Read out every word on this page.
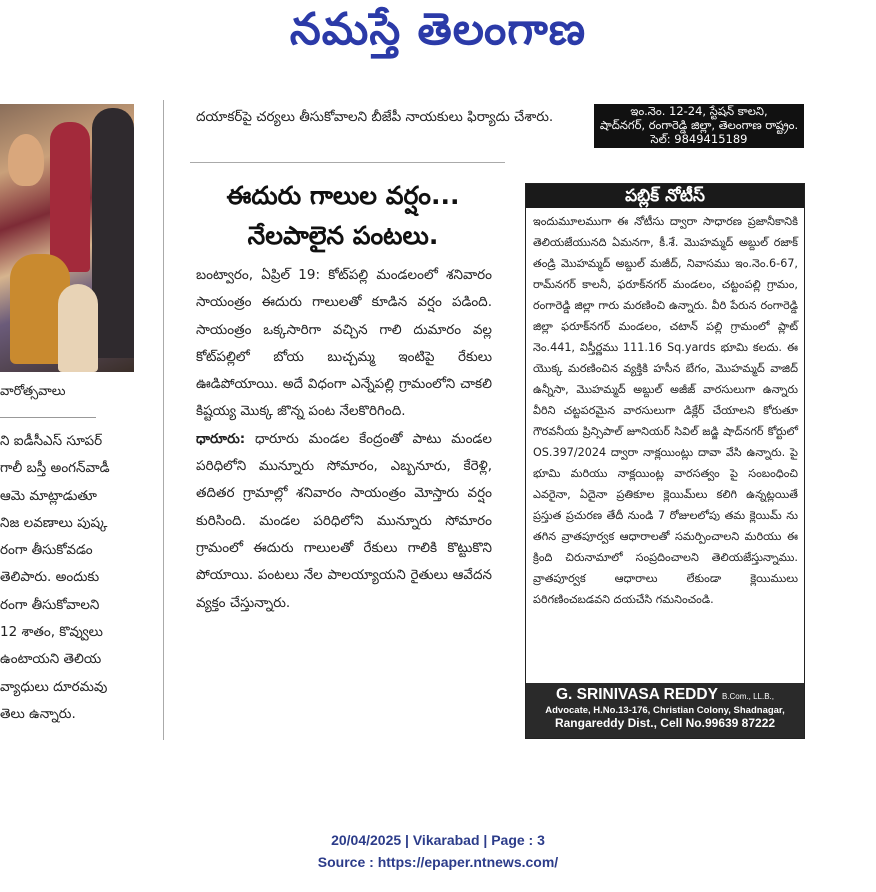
నమస్తే తెలంగాణ
వారోత్సవాలు
ని ఐడీసీఎస్ సూపర్
గాలీ బస్తీ అంగన్‌వాడీ
ఆమె మాట్లాడుతూ
నిజ లవణాలు పుష్క
రంగా తీసుకోవడం
తెలిపారు. అందుకు
రంగా తీసుకోవాలని
12 శాతం, కొవ్వులు
ఉంటాయని తెలియ
వ్యాధులు దూరమవు
తెలు ఉన్నారు.
దయాకర్‌పై చర్యలు తీసుకోవాలని బీజేపీ నాయకులు ఫిర్యాదు చేశారు.
ఈదురు గాలుల వర్షం...
నేలపాలైన పంటలు.

బంట్వారం, ఏప్రిల్ 19: కోట్‌పల్లి మండలంలో శనివారం సాయంత్రం ఈదురు గాలులతో కూడిన వర్షం పడింది. సాయంత్రం ఒక్కసారిగా వచ్చిన గాలి దుమారం వల్ల కోట్‌పల్లిలో బోయ బుచ్చమ్మ ఇంటిపై రేకులు ఊడిపోయాయి. అదే విధంగా ఎన్నేపల్లి గ్రామంలోని చాకలి కిష్టయ్య మొక్క జొన్న పంట నేలకొరిగింది.

ధారూరు: ధారూరు మండల కేంద్రంతో పాటు మండల పరిధిలోని మున్నూరు సోమారం, ఎబ్బనూరు, కేరెళ్లి, తదితర గ్రామాల్లో శనివారం సాయంత్రం మోస్తారు వర్షం కురిసింది. మండల పరిధిలోని మున్నూరు సోమారం గ్రామంలో ఈదురు గాలులతో రేకులు గాలికి కొట్టుకొని పోయాయి. పంటలు నేల పాలయ్యాయని రైతులు ఆవేదన వ్యక్తం చేస్తున్నారు.

ఇం.నెం. 12-24, స్టేషన్ కాలని,
షాద్‌నగర్, రంగారెడ్డి జిల్లా, తెలంగాణ రాష్ట్రం.
సెల్: 9849415189
పబ్లిక్ నోటీస్
ఇందుమూలముగా ఈ నోటీసు ద్వారా సాధారణ ప్రజానీకానికి తెలియజేయునది ఏమనగా, కీ.శే. మొహమ్మద్ అబ్దుల్ రజాక్ తండ్రి మొహమ్మద్ అబ్దుల్ మజీద్, నివాసము ఇం.నెం.6-67, రామ్‌నగర్ కాలనీ, ఫరూక్‌నగర్ మండలం, చట్టంపల్లి గ్రామం, రంగారెడ్డి జిల్లా గారు మరణించి ఉన్నారు. వీరి పేరున రంగారెడ్డి జిల్లా ఫరూక్‌నగర్ మండలం, చటాన్ పల్లి గ్రామంలో ప్లాట్ నెం.441, విస్తీర్ణము 111.16 Sq.yards భూమి కలదు. ఈ యొక్క మరణించిన వ్యక్తికి హసీన బేగం, మొహమ్మద్ వాజిద్ ఉన్నీసా, మొహమ్మద్ అబ్దుల్ అజీజ్ వారసులుగా ఉన్నారు వీరిని చట్టపరమైన వారసులుగా డిక్లేర్ చేయాలని కోరుతూ గౌరవనీయ ప్రిన్సిపాల్ జూనియర్ సివిల్ జడ్జి షాద్‌నగర్ కోర్టులో OS.397/2024 ద్వారా నాక్లయింట్లు దావా వేసి ఉన్నారు. పై భూమి మరియు నాక్లయింట్ల వారసత్వం పై సంబంధించి ఎవరైనా, ఏదైనా ప్రతికూల క్లెయిమ్‌లు కలిగి ఉన్నట్లయితే ప్రస్తుత ప్రచురణ తేదీ నుండి 7 రోజులలోపు తమ క్లెయిమ్ ను తగిన వ్రాతపూర్వక ఆధారాలతో సమర్పించాలని మరియు ఈ క్రింది చిరునామాలో సంప్రదించాలని తెలియజేస్తున్నాము. వ్రాతపూర్వక ఆధారాలు లేకుండా క్లెయిములు పరిగణించబడవని దయచేసి గమనించండి.
G. SRINIVASA REDDY B.Com., LL.B.,
Advocate, H.No.13-176, Christian Colony, Shadnagar,
Rangareddy Dist., Cell No.99639 87222
20/04/2025 | Vikarabad | Page : 3
Source : https://epaper.ntnews.com/
